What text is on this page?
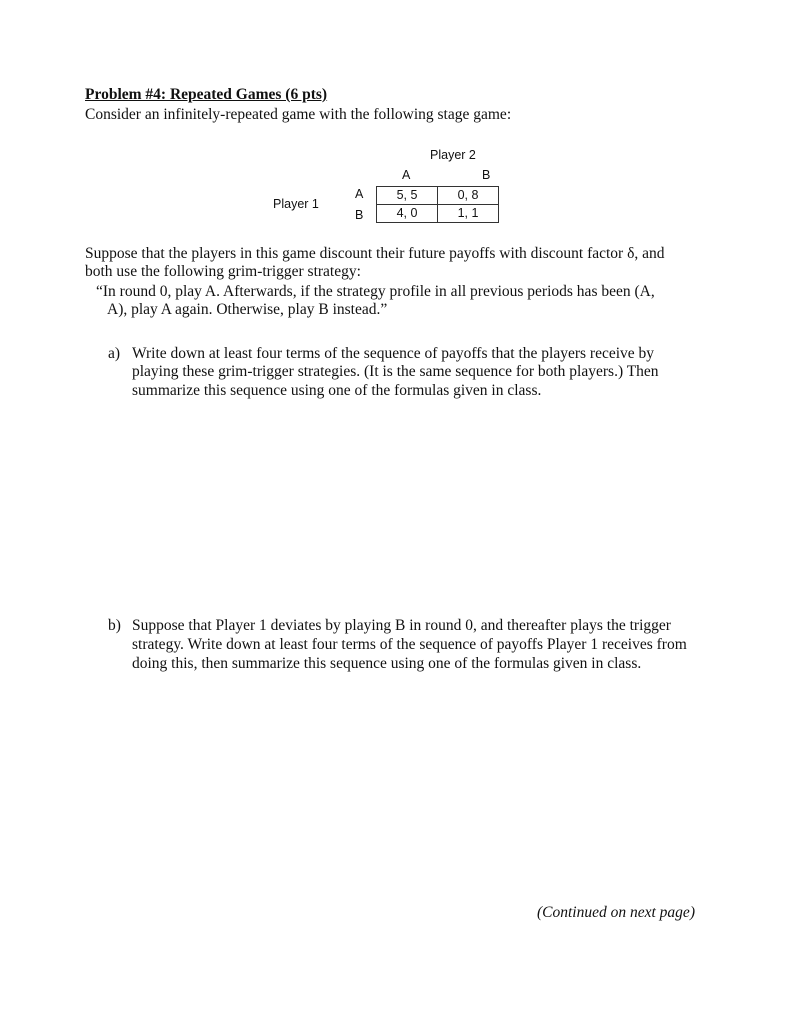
Problem #4: Repeated Games (6 pts)
Consider an infinitely-repeated game with the following stage game:
Player 2
A	B
Player 1
A
B
5, 5	0, 8
4, 0	1, 1
Suppose that the players in this game discount their future payoffs with discount factor δ, and
both use the following grim-trigger strategy:
“In round 0, play A. Afterwards, if the strategy profile in all previous periods has been (A,
A), play A again. Otherwise, play B instead.”
a) Write down at least four terms of the sequence of payoffs that the players receive by
playing these grim-trigger strategies. (It is the same sequence for both players.) Then
summarize this sequence using one of the formulas given in class.
b) Suppose that Player 1 deviates by playing B in round 0, and thereafter plays the trigger
strategy. Write down at least four terms of the sequence of payoffs Player 1 receives from
doing this, then summarize this sequence using one of the formulas given in class.
(Continued on next page)
